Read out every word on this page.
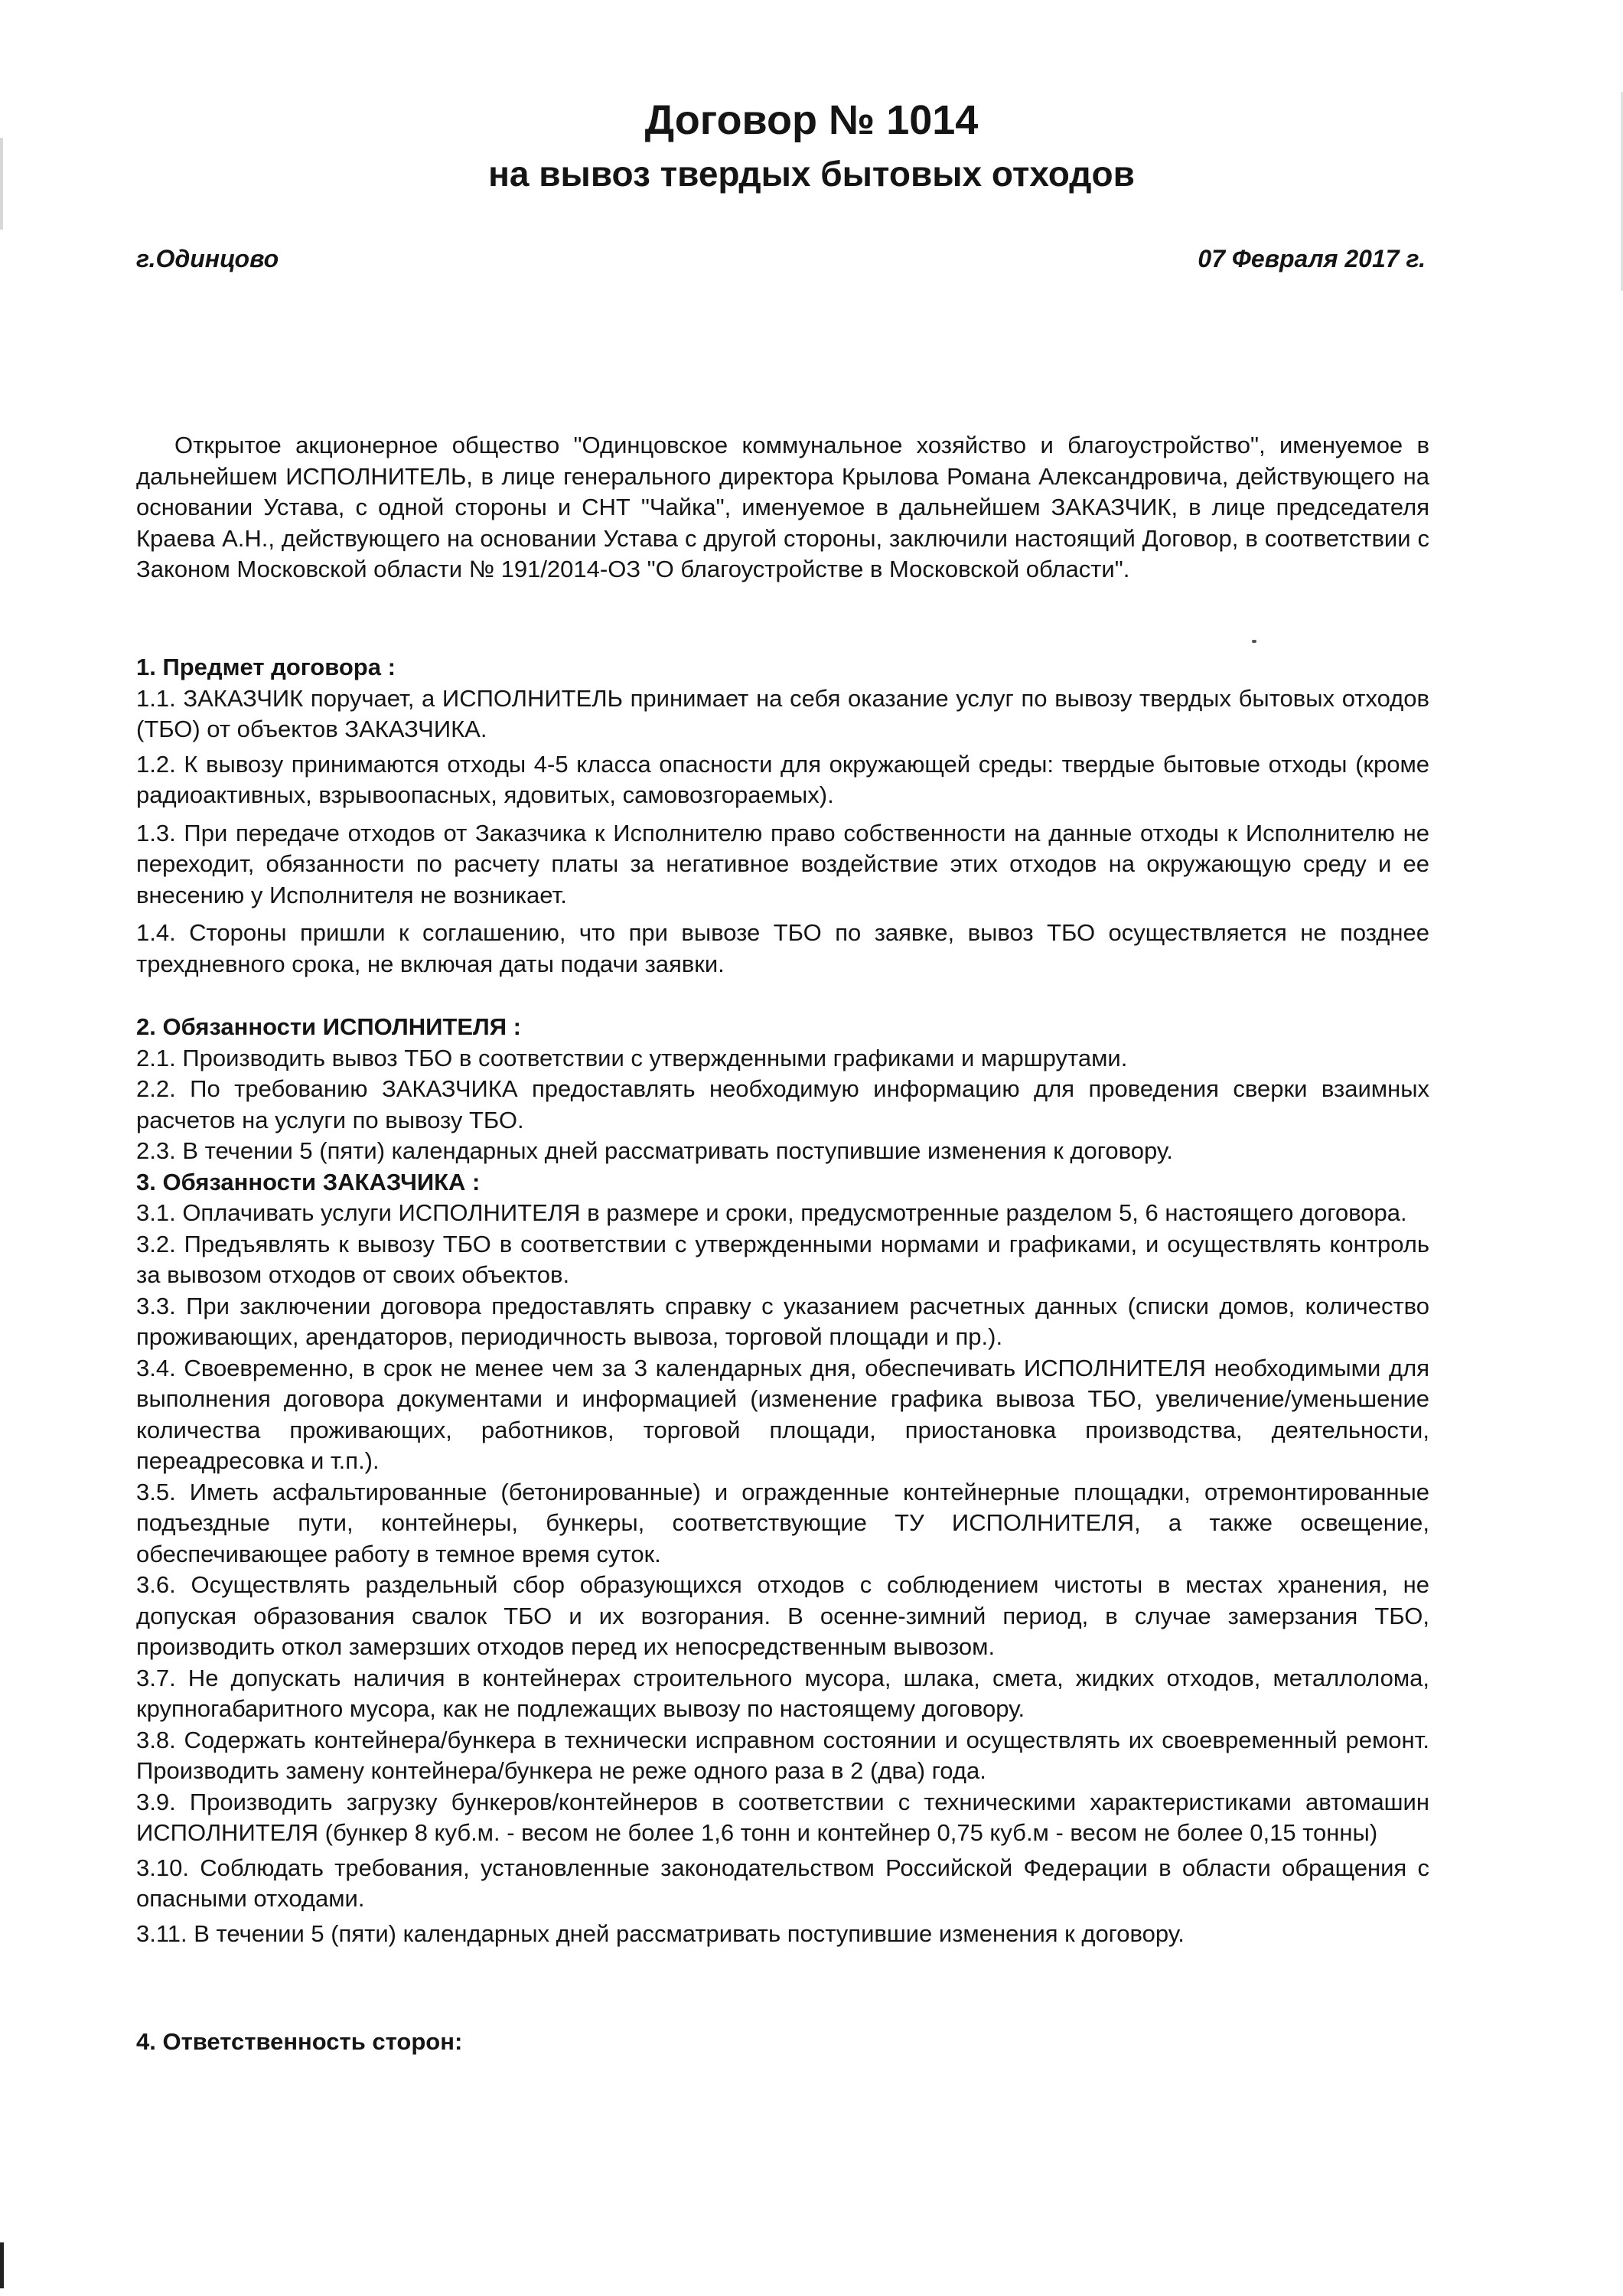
Договор № 1014
на вывоз твердых бытовых отходов
г.Одинцово	07 Февраля 2017 г.

Открытое акционерное общество "Одинцовское коммунальное хозяйство и благоустройство", именуемое в дальнейшем ИСПОЛНИТЕЛЬ, в лице генерального директора Крылова Романа Александровича, действующего на основании Устава, с одной стороны и СНТ "Чайка", именуемое в дальнейшем ЗАКАЗЧИК, в лице председателя Краева А.Н., действующего на основании Устава с другой стороны, заключили настоящий Договор, в соответствии с Законом Московской области № 191/2014-ОЗ "О благоустройстве в Московской области".

1. Предмет договора :

1.1. ЗАКАЗЧИК поручает, а ИСПОЛНИТЕЛЬ принимает на себя оказание услуг по вывозу твердых бытовых отходов (ТБО) от объектов ЗАКАЗЧИКА.

1.2. К вывозу принимаются отходы 4-5 класса опасности для окружающей среды: твердые бытовые отходы (кроме радиоактивных, взрывоопасных, ядовитых, самовозгораемых).

1.3. При передаче отходов от Заказчика к Исполнителю право собственности на данные отходы к Исполнителю не переходит, обязанности по расчету платы за негативное воздействие этих отходов на окружающую среду и ее внесению у Исполнителя не возникает.

1.4. Стороны пришли к соглашению, что при вывозе ТБО по заявке, вывоз ТБО осуществляется не позднее трехдневного срока, не включая даты подачи заявки.

2. Обязанности ИСПОЛНИТЕЛЯ :

2.1. Производить вывоз ТБО в соответствии с утвержденными графиками и маршрутами.

2.2. По требованию ЗАКАЗЧИКА предоставлять необходимую информацию для проведения сверки взаимных расчетов на услуги по вывозу ТБО.

2.3. В течении 5 (пяти) календарных дней рассматривать поступившие изменения к договору.

3. Обязанности ЗАКАЗЧИКА :

3.1. Оплачивать услуги ИСПОЛНИТЕЛЯ в размере и сроки, предусмотренные разделом 5, 6 настоящего договора.

3.2. Предъявлять к вывозу ТБО в соответствии с утвержденными нормами и графиками, и осуществлять контроль за вывозом отходов от своих объектов.

3.3. При заключении договора предоставлять справку с указанием расчетных данных (списки домов, количество проживающих, арендаторов, периодичность вывоза, торговой площади и пр.).

3.4. Своевременно, в срок не менее чем за 3 календарных дня, обеспечивать ИСПОЛНИТЕЛЯ необходимыми для выполнения договора документами и информацией (изменение графика вывоза ТБО, увеличение/уменьшение количества проживающих, работников, торговой площади, приостановка производства, деятельности, переадресовка и т.п.).

3.5. Иметь асфальтированные (бетонированные) и огражденные контейнерные площадки, отремонтированные подъездные пути, контейнеры, бункеры, соответствующие ТУ ИСПОЛНИТЕЛЯ, а также освещение, обеспечивающее работу в темное время суток.

3.6. Осуществлять раздельный сбор образующихся отходов с соблюдением чистоты в местах хранения, не допуская образования свалок ТБО и их возгорания. В осенне-зимний период, в случае замерзания ТБО, производить откол замерзших отходов перед их непосредственным вывозом.

3.7. Не допускать наличия в контейнерах строительного мусора, шлака, смета, жидких отходов, металлолома, крупногабаритного мусора, как не подлежащих вывозу по настоящему договору.

3.8. Содержать контейнера/бункера в технически исправном состоянии и осуществлять их своевременный ремонт. Производить замену контейнера/бункера не реже одного раза в 2 (два) года.

3.9. Производить загрузку бункеров/контейнеров в соответствии с техническими характеристиками автомашин ИСПОЛНИТЕЛЯ (бункер 8 куб.м. - весом не более 1,6 тонн и контейнер 0,75 куб.м - весом не более 0,15 тонны)

3.10. Соблюдать требования, установленные законодательством Российской Федерации в области обращения с опасными отходами.

3.11. В течении 5 (пяти) календарных дней рассматривать поступившие изменения к договору.

4. Ответственность сторон:
